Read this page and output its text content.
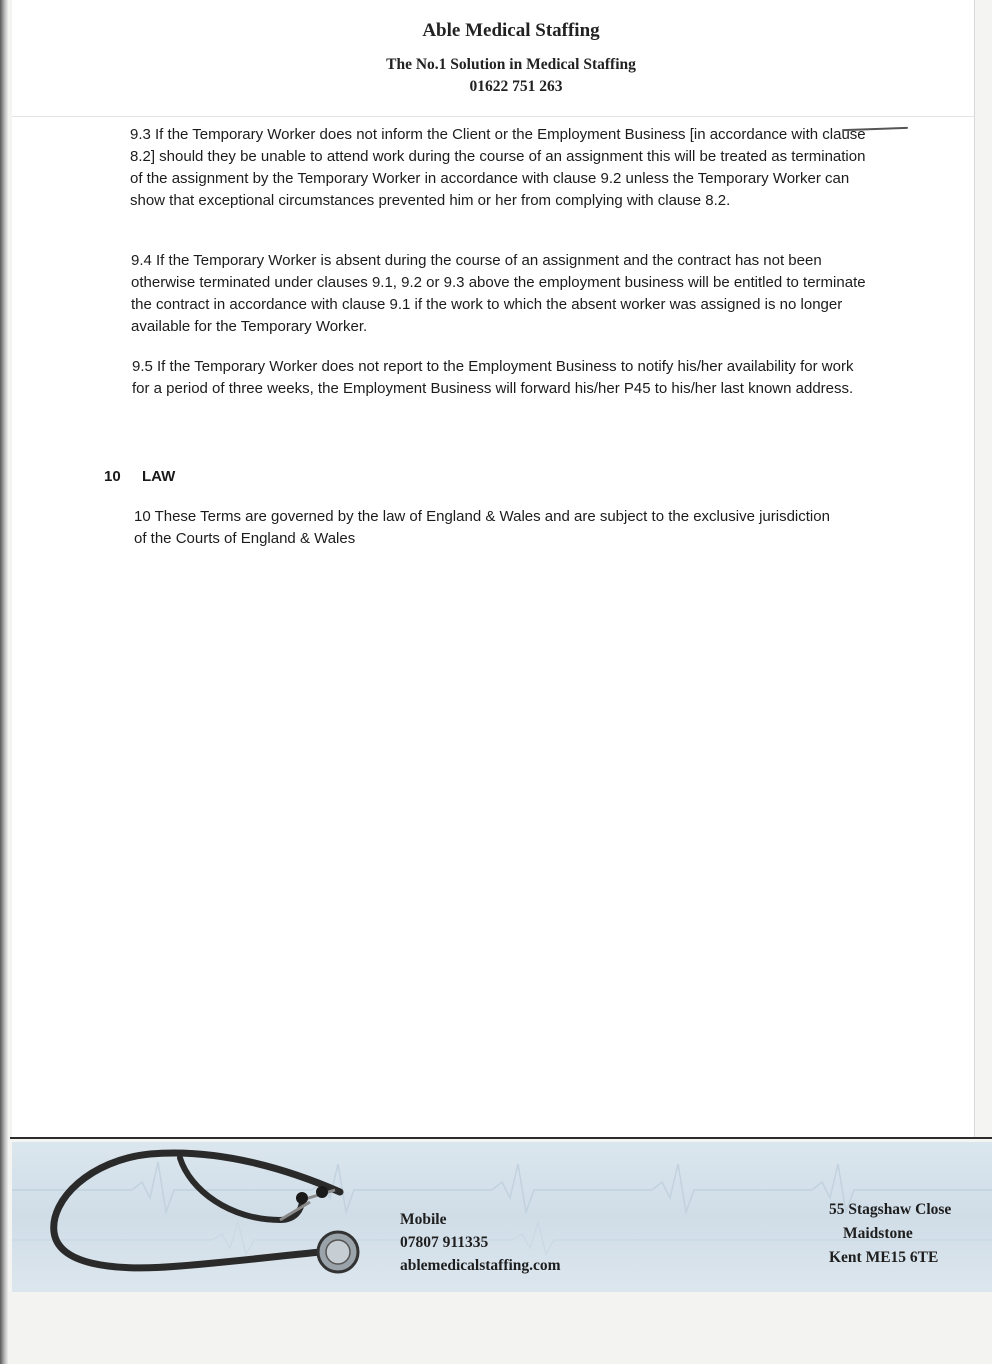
Able Medical Staffing
The No.1 Solution in Medical Staffing
01622 751 263
9.3 If the Temporary Worker does not inform the Client or the Employment Business [in accordance with clause 8.2] should they be unable to attend work during the course of an assignment this will be treated as termination of the assignment by the Temporary Worker in accordance with clause 9.2 unless the Temporary Worker can show that exceptional circumstances prevented him or her from complying with clause 8.2.
9.4 If the Temporary Worker is absent during the course of an assignment and the contract has not been otherwise terminated under clauses 9.1, 9.2 or 9.3 above the employment business will be entitled to terminate the contract in accordance with clause 9.1 if the work to which the absent worker was assigned is no longer available for the Temporary Worker.
9.5 If the Temporary Worker does not report to the Employment Business to notify his/her availability for work for a period of three weeks, the Employment Business will forward his/her P45 to his/her last known address.
10 LAW
10 These Terms are governed by the law of England & Wales and are subject to the exclusive jurisdiction of the Courts of England & Wales
Mobile
07807 911335
ablemedicalstaffing.com
55 Stagshaw Close
Maidstone
Kent ME15 6TE
